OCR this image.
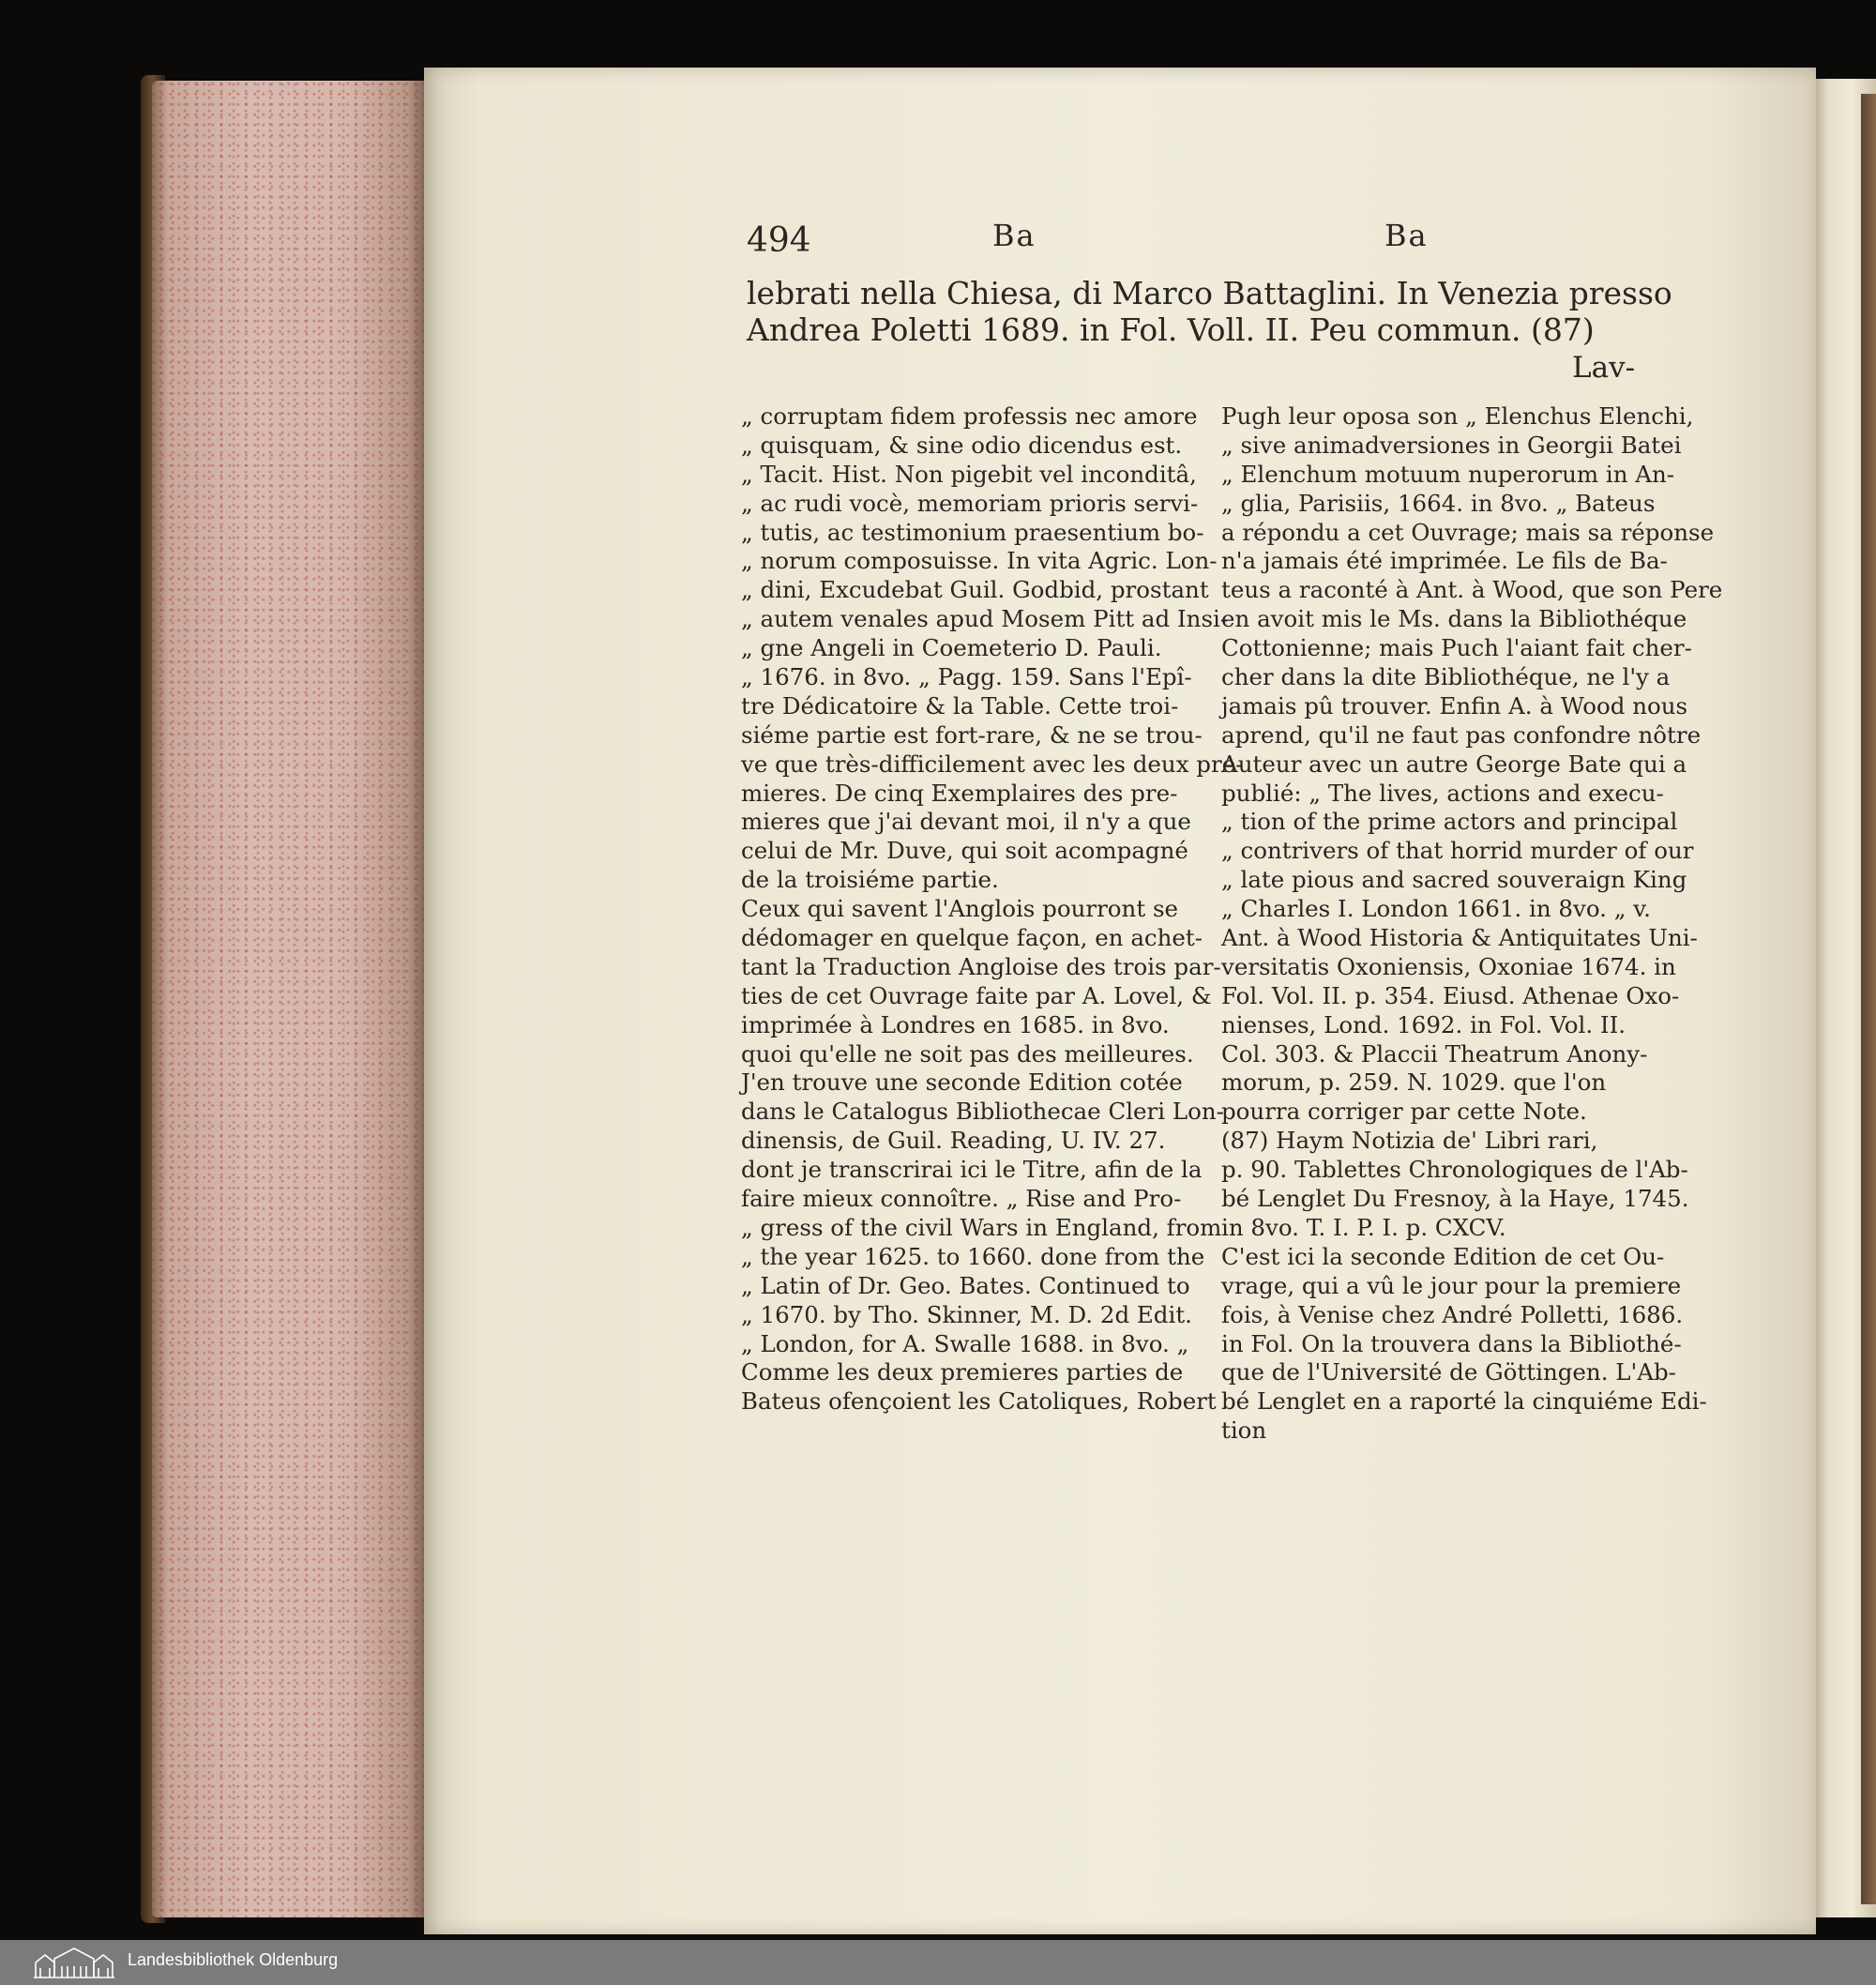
494	Ba	Ba
lebrati nella Chiesa, di Marco Battaglini. In Venezia presso
Andrea Poletti 1689. in Fol. Voll. II. Peu commun. (87)
Lav-
„ corruptam fidem professis nec amore
„ quisquam, & sine odio dicendus est.
„ Tacit. Hist. Non pigebit vel inconditâ,
„ ac rudi vocè, memoriam prioris servi-
„ tutis, ac testimonium praesentium bo-
„ norum composuisse. In vita Agric. Lon-
„ dini, Excudebat Guil. Godbid, prostant
„ autem venales apud Mosem Pitt ad Insi-
„ gne Angeli in Coemeterio D. Pauli.
„ 1676. in 8vo. „ Pagg. 159. Sans l'Epî-
tre Dédicatoire & la Table. Cette troi-
siéme partie est fort-rare, & ne se trou-
ve que très-difficilement avec les deux pre-
mieres. De cinq Exemplaires des pre-
mieres que j'ai devant moi, il n'y a que
celui de Mr. Duve, qui soit acompagné
de la troisiéme partie.
Ceux qui savent l'Anglois pourront se
dédomager en quelque façon, en achet-
tant la Traduction Angloise des trois par-
ties de cet Ouvrage faite par A. Lovel, &
imprimée à Londres en 1685. in 8vo.
quoi qu'elle ne soit pas des meilleures.
J'en trouve une seconde Edition cotée
dans le Catalogus Bibliothecae Cleri Lon-
dinensis, de Guil. Reading, U. IV. 27.
dont je transcrirai ici le Titre, afin de la
faire mieux connoître. „ Rise and Pro-
„ gress of the civil Wars in England, from
„ the year 1625. to 1660. done from the
„ Latin of Dr. Geo. Bates. Continued to
„ 1670. by Tho. Skinner, M. D. 2d Edit.
„ London, for A. Swalle 1688. in 8vo. „
Comme les deux premieres parties de
Bateus ofençoient les Catoliques, Robert
Pugh leur oposa son „ Elenchus Elenchi,
„ sive animadversiones in Georgii Batei
„ Elenchum motuum nuperorum in An-
„ glia, Parisiis, 1664. in 8vo. „ Bateus
a répondu a cet Ouvrage; mais sa réponse
n'a jamais été imprimée. Le fils de Ba-
teus a raconté à Ant. à Wood, que son Pere
en avoit mis le Ms. dans la Bibliothéque
Cottonienne; mais Puch l'aiant fait cher-
cher dans la dite Bibliothéque, ne l'y a
jamais pû trouver. Enfin A. à Wood nous
aprend, qu'il ne faut pas confondre nôtre
Auteur avec un autre George Bate qui a
publié: „ The lives, actions and execu-
„ tion of the prime actors and principal
„ contrivers of that horrid murder of our
„ late pious and sacred souveraign King
„ Charles I. London 1661. in 8vo. „ v.
Ant. à Wood Historia & Antiquitates Uni-
versitatis Oxoniensis, Oxoniae 1674. in
Fol. Vol. II. p. 354. Eiusd. Athenae Oxo-
nienses, Lond. 1692. in Fol. Vol. II.
Col. 303. & Placcii Theatrum Anony-
morum, p. 259. N. 1029. que l'on
pourra corriger par cette Note.
(87) Haym Notizia de' Libri rari,
p. 90. Tablettes Chronologiques de l'Ab-
bé Lenglet Du Fresnoy, à la Haye, 1745.
in 8vo. T. I. P. I. p. CXCV.
C'est ici la seconde Edition de cet Ou-
vrage, qui a vû le jour pour la premiere
fois, à Venise chez André Polletti, 1686.
in Fol. On la trouvera dans la Bibliothé-
que de l'Université de Göttingen. L'Ab-
bé Lenglet en a raporté la cinquiéme Edi-
tion
Landesbibliothek Oldenburg
